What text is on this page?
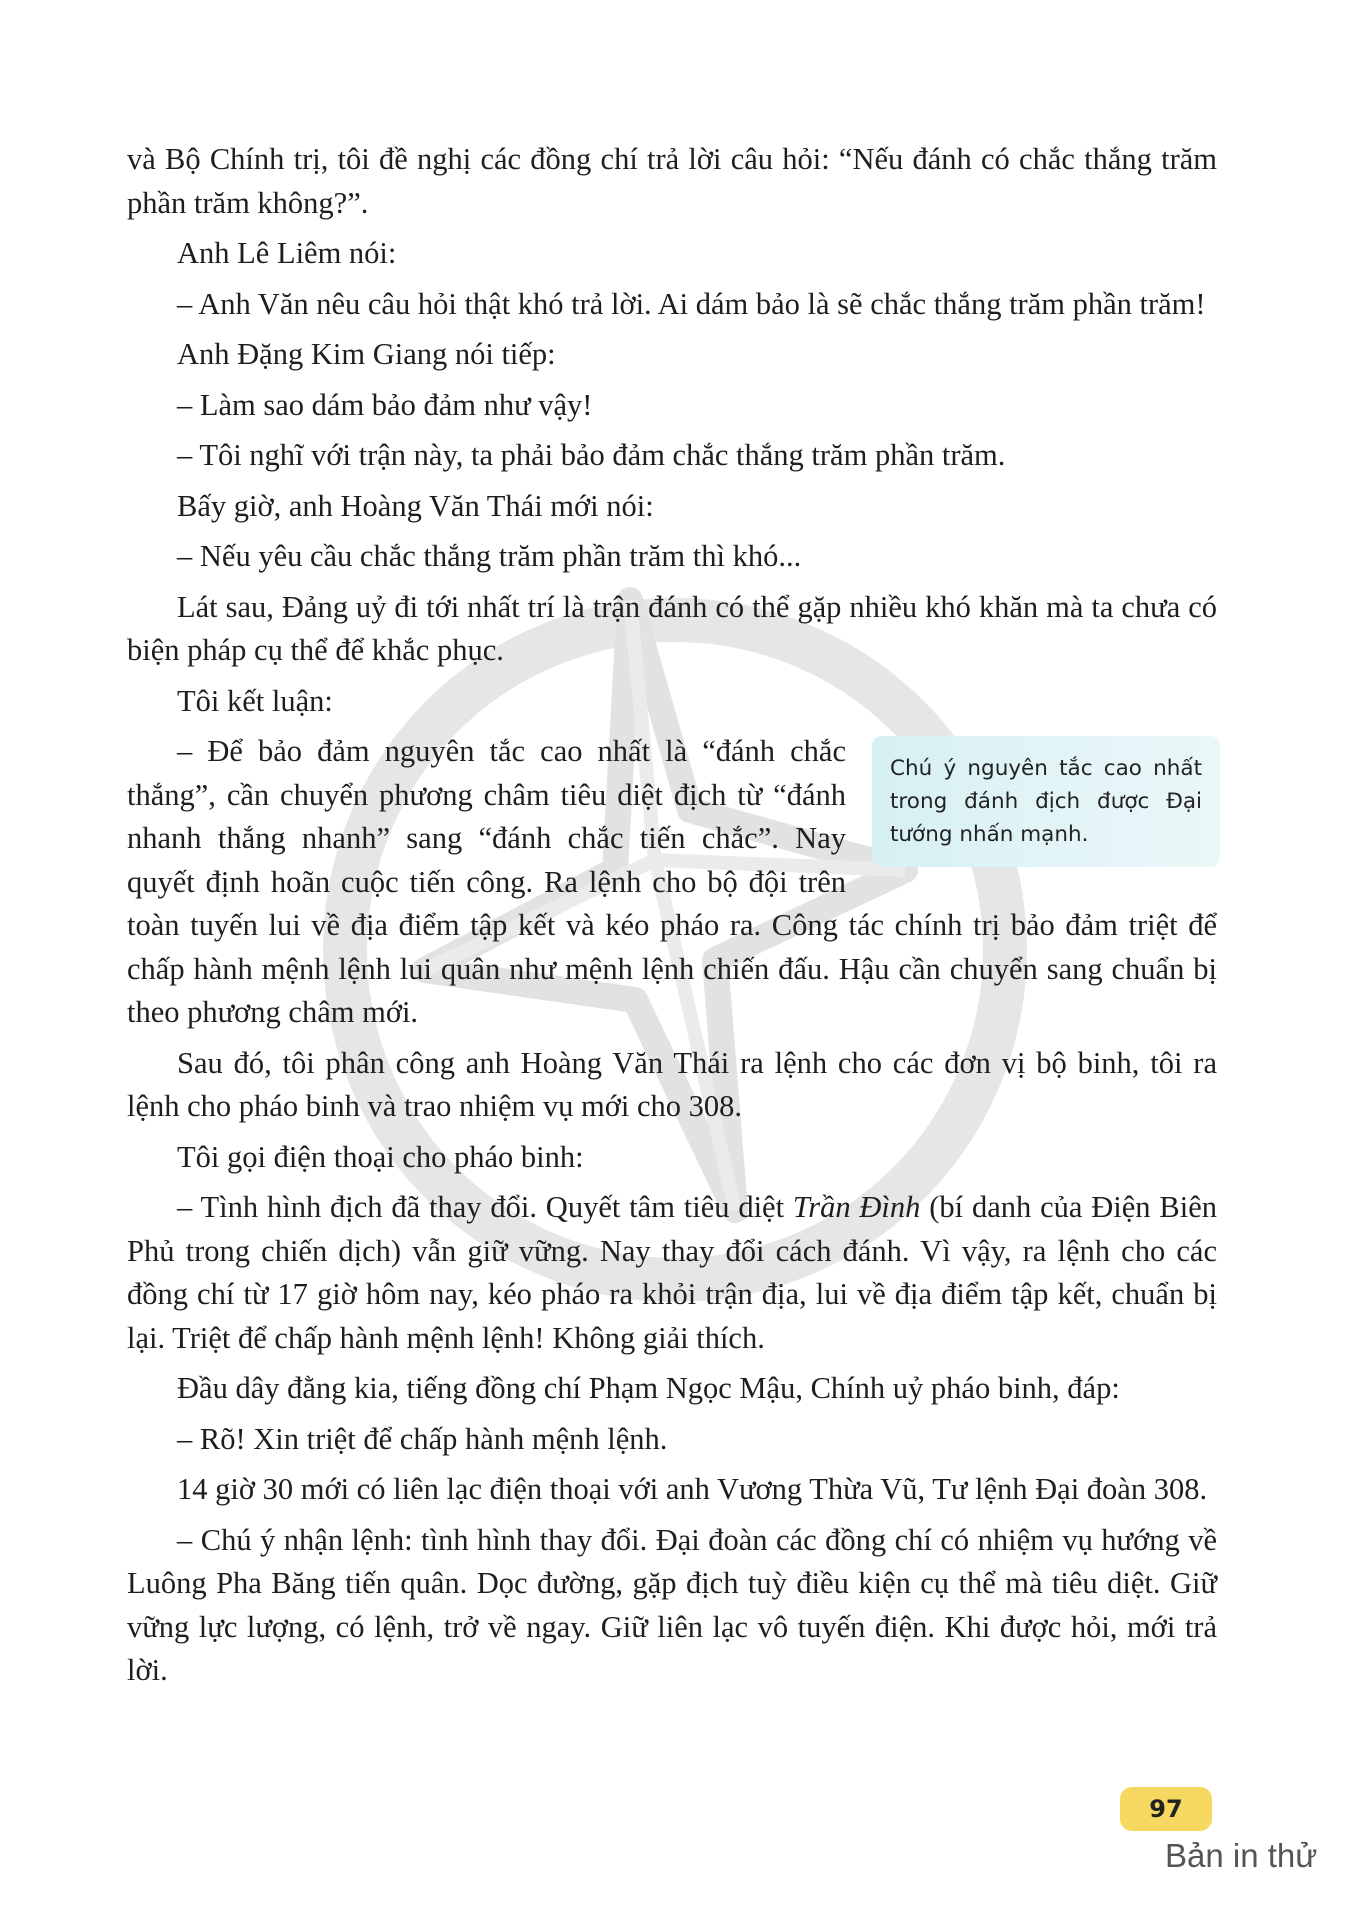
và Bộ Chính trị, tôi đề nghị các đồng chí trả lời câu hỏi: “Nếu đánh có chắc thắng trăm phần trăm không?”.

Anh Lê Liêm nói:

– Anh Văn nêu câu hỏi thật khó trả lời. Ai dám bảo là sẽ chắc thắng trăm phần trăm!

Anh Đặng Kim Giang nói tiếp:

– Làm sao dám bảo đảm như vậy!

– Tôi nghĩ với trận này, ta phải bảo đảm chắc thắng trăm phần trăm.

Bấy giờ, anh Hoàng Văn Thái mới nói:

– Nếu yêu cầu chắc thắng trăm phần trăm thì khó...

Lát sau, Đảng uỷ đi tới nhất trí là trận đánh có thể gặp nhiều khó khăn mà ta chưa có biện pháp cụ thể để khắc phục.

Tôi kết luận:

Chú ý nguyên tắc cao nhất trong đánh địch được Đại tướng nhấn mạnh.

– Để bảo đảm nguyên tắc cao nhất là “đánh chắc thắng”, cần chuyển phương châm tiêu diệt địch từ “đánh nhanh thắng nhanh” sang “đánh chắc tiến chắc”. Nay quyết định hoãn cuộc tiến công. Ra lệnh cho bộ đội trên toàn tuyến lui về địa điểm tập kết và kéo pháo ra. Công tác chính trị bảo đảm triệt để chấp hành mệnh lệnh lui quân như mệnh lệnh chiến đấu. Hậu cần chuyển sang chuẩn bị theo phương châm mới.

Sau đó, tôi phân công anh Hoàng Văn Thái ra lệnh cho các đơn vị bộ binh, tôi ra lệnh cho pháo binh và trao nhiệm vụ mới cho 308.

Tôi gọi điện thoại cho pháo binh:

– Tình hình địch đã thay đổi. Quyết tâm tiêu diệt Trần Đình (bí danh của Điện Biên Phủ trong chiến dịch) vẫn giữ vững. Nay thay đổi cách đánh. Vì vậy, ra lệnh cho các đồng chí từ 17 giờ hôm nay, kéo pháo ra khỏi trận địa, lui về địa điểm tập kết, chuẩn bị lại. Triệt để chấp hành mệnh lệnh! Không giải thích.

Đầu dây đằng kia, tiếng đồng chí Phạm Ngọc Mậu, Chính uỷ pháo binh, đáp:

– Rõ! Xin triệt để chấp hành mệnh lệnh.

14 giờ 30 mới có liên lạc điện thoại với anh Vương Thừa Vũ, Tư lệnh Đại đoàn 308.

– Chú ý nhận lệnh: tình hình thay đổi. Đại đoàn các đồng chí có nhiệm vụ hướng về Luông Pha Băng tiến quân. Dọc đường, gặp địch tuỳ điều kiện cụ thể mà tiêu diệt. Giữ vững lực lượng, có lệnh, trở về ngay. Giữ liên lạc vô tuyến điện. Khi được hỏi, mới trả lời.

97
Bản in thử
